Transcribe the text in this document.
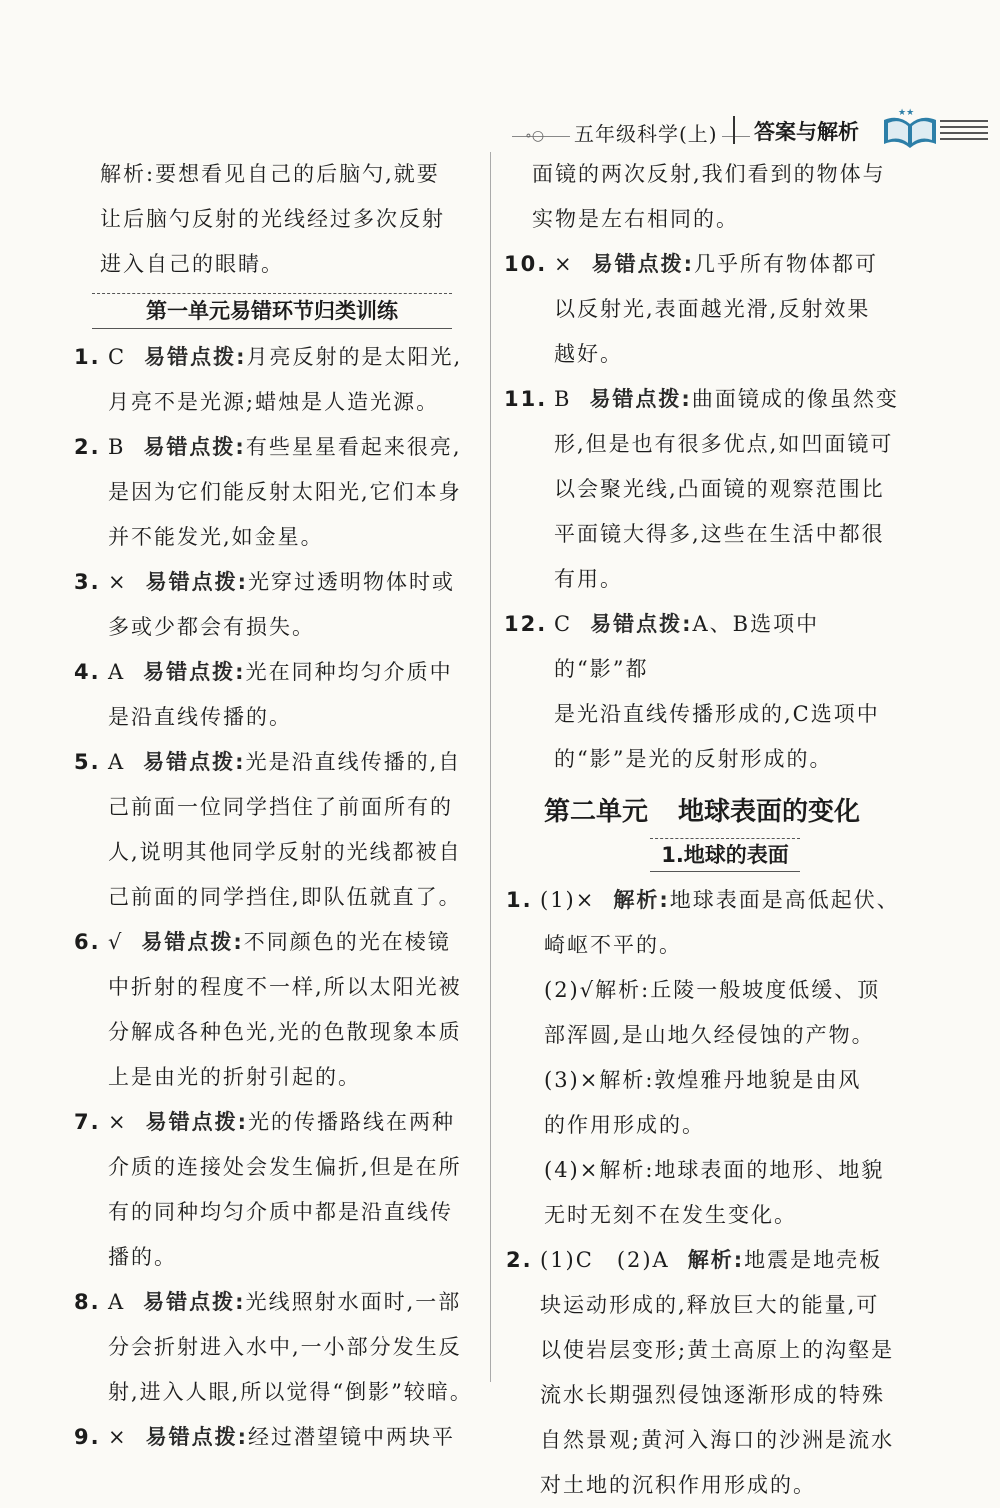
∘○ 五年级科学(上) 答案与解析
★★
解析:要想看见自己的后脑勺,就要
让后脑勺反射的光线经过多次反射
进入自己的眼睛。
第一单元易错环节归类训练
1. C 易错点拨:月亮反射的是太阳光,
月亮不是光源;蜡烛是人造光源。
2. B 易错点拨:有些星星看起来很亮,
是因为它们能反射太阳光,它们本身
并不能发光,如金星。
3. × 易错点拨:光穿过透明物体时或
多或少都会有损失。
4. A 易错点拨:光在同种均匀介质中
是沿直线传播的。
5. A 易错点拨:光是沿直线传播的,自
己前面一位同学挡住了前面所有的
人,说明其他同学反射的光线都被自
己前面的同学挡住,即队伍就直了。
6. √ 易错点拨:不同颜色的光在棱镜
中折射的程度不一样,所以太阳光被
分解成各种色光,光的色散现象本质
上是由光的折射引起的。
7. × 易错点拨:光的传播路线在两种
介质的连接处会发生偏折,但是在所
有的同种均匀介质中都是沿直线传
播的。
8. A 易错点拨:光线照射水面时,一部
分会折射进入水中,一小部分发生反
射,进入人眼,所以觉得“倒影”较暗。
9. × 易错点拨:经过潜望镜中两块平
面镜的两次反射,我们看到的物体与
实物是左右相同的。
10. × 易错点拨:几乎所有物体都可
以反射光,表面越光滑,反射效果
越好。
11. B 易错点拨:曲面镜成的像虽然变
形,但是也有很多优点,如凹面镜可
以会聚光线,凸面镜的观察范围比
平面镜大得多,这些在生活中都很
有用。
12. C 易错点拨:A、B选项中的“影”都
是光沿直线传播形成的,C选项中
的“影”是光的反射形成的。
第二单元 地球表面的变化
1.地球的表面
1. (1)× 解析:地球表面是高低起伏、
崎岖不平的。
(2)√解析:丘陵一般坡度低缓、顶
部浑圆,是山地久经侵蚀的产物。
(3)×解析:敦煌雅丹地貌是由风
的作用形成的。
(4)×解析:地球表面的地形、地貌
无时无刻不在发生变化。
2. (1)C　(2)A 解析:地震是地壳板
块运动形成的,释放巨大的能量,可
以使岩层变形;黄土高原上的沟壑是
流水长期强烈侵蚀逐渐形成的特殊
自然景观;黄河入海口的沙洲是流水
对土地的沉积作用形成的。
